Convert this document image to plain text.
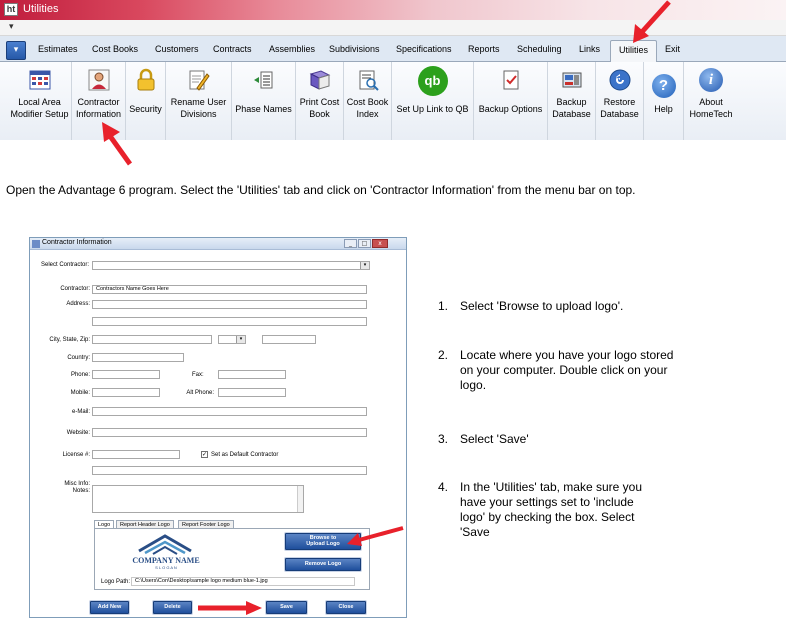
ht Utilities
▾
▾	Estimates Cost Books Customers Contracts Assemblies Subdivisions Specifications Reports Scheduling Links	Utilities	Exit
Local Area
Modifier Setup
Contractor
Information Security
Rename User
Divisions	Phase Names
Print Cost
Book
Cost Book
Index
qb
Set Up Link to QB	Backup Options
Backup
Database
Restore
Database
?
Help
i
About
HomeTech
Open the Advantage 6 program. Select the 'Utilities' tab and click on 'Contractor Information' from the menu bar on top.
Contractor Information	_	□	x
Select Contractor:	▾
Contractor:	Contractors Name Goes Here
Address:
City, State, Zip:	▾
Country:
Phone:	Fax:
Mobile:	Alt Phone:
e-Mail:
Website:
License #:	✓ Set as Default Contractor
Misc Info:
Notes:
Logo	Report Header Logo	Report Footer Logo
COMPANY NAME
S L O G A N
Browse to
Upload Logo
Remove Logo
Logo Path: C:\Users\Con\Desktop\sample logo medium blue-1.jpg
Add New	Delete	Save	Close
1. Select 'Browse to upload logo'.
2. Locate where you have your logo stored on your computer. Double click on your logo.
3. Select 'Save'
4. In the 'Utilities' tab, make sure you have your settings set to 'include logo' by checking the box. Select 'Save
